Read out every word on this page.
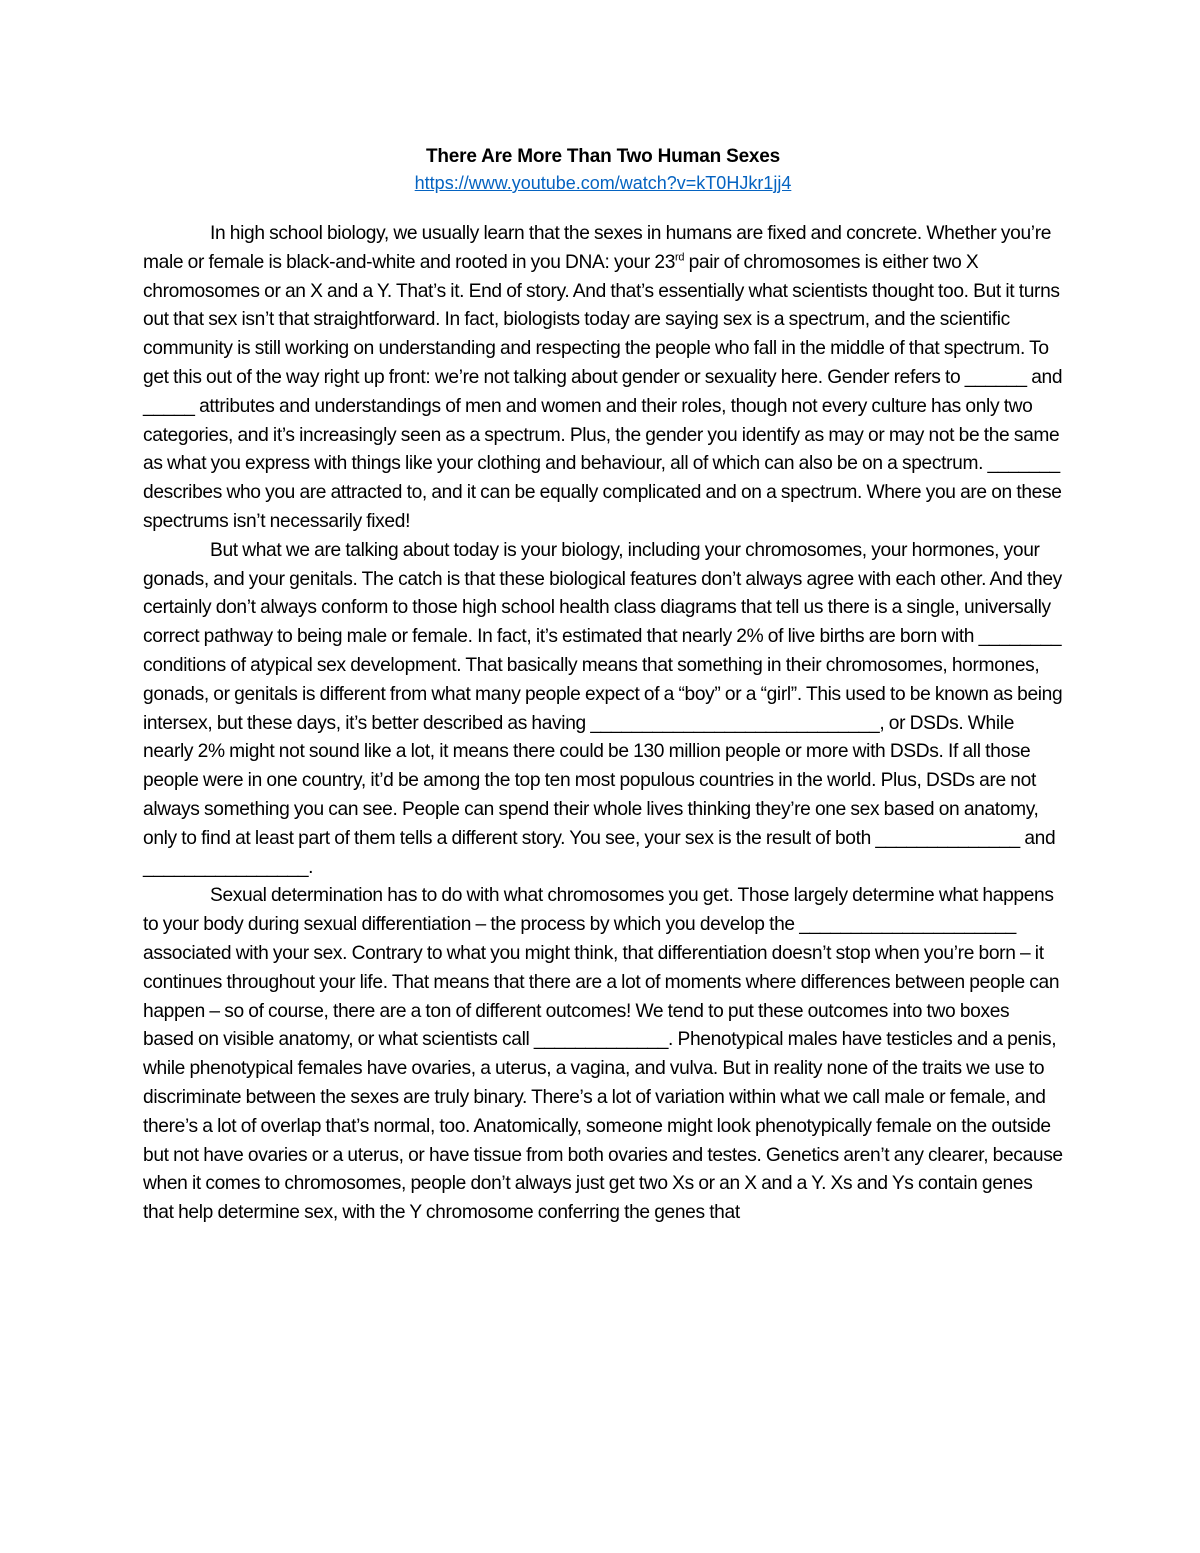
There Are More Than Two Human Sexes
https://www.youtube.com/watch?v=kT0HJkr1jj4

In high school biology, we usually learn that the sexes in humans are fixed and concrete. Whether you’re male or female is black-and-white and rooted in you DNA: your 23rd pair of chromosomes is either two X chromosomes or an X and a Y. That’s it. End of story. And that’s essentially what scientists thought too. But it turns out that sex isn’t that straightforward. In fact, biologists today are saying sex is a spectrum, and the scientific community is still working on understanding and respecting the people who fall in the middle of that spectrum. To get this out of the way right up front: we’re not talking about gender or sexuality here. Gender refers to ______ and _____ attributes and understandings of men and women and their roles, though not every culture has only two categories, and it’s increasingly seen as a spectrum. Plus, the gender you identify as may or may not be the same as what you express with things like your clothing and behaviour, all of which can also be on a spectrum. _______ describes who you are attracted to, and it can be equally complicated and on a spectrum. Where you are on these spectrums isn’t necessarily fixed!

But what we are talking about today is your biology, including your chromosomes, your hormones, your gonads, and your genitals. The catch is that these biological features don’t always agree with each other. And they certainly don’t always conform to those high school health class diagrams that tell us there is a single, universally correct pathway to being male or female. In fact, it’s estimated that nearly 2% of live births are born with ________ conditions of atypical sex development. That basically means that something in their chromosomes, hormones, gonads, or genitals is different from what many people expect of a “boy” or a “girl”. This used to be known as being intersex, but these days, it’s better described as having ____________________________, or DSDs. While nearly 2% might not sound like a lot, it means there could be 130 million people or more with DSDs. If all those people were in one country, it’d be among the top ten most populous countries in the world. Plus, DSDs are not always something you can see. People can spend their whole lives thinking they’re one sex based on anatomy, only to find at least part of them tells a different story. You see, your sex is the result of both ______________ and ________________.

Sexual determination has to do with what chromosomes you get. Those largely determine what happens to your body during sexual differentiation – the process by which you develop the _____________________ associated with your sex. Contrary to what you might think, that differentiation doesn’t stop when you’re born – it continues throughout your life. That means that there are a lot of moments where differences between people can happen – so of course, there are a ton of different outcomes! We tend to put these outcomes into two boxes based on visible anatomy, or what scientists call _____________. Phenotypical males have testicles and a penis, while phenotypical females have ovaries, a uterus, a vagina, and vulva. But in reality none of the traits we use to discriminate between the sexes are truly binary. There’s a lot of variation within what we call male or female, and there’s a lot of overlap that’s normal, too. Anatomically, someone might look phenotypically female on the outside but not have ovaries or a uterus, or have tissue from both ovaries and testes. Genetics aren’t any clearer, because when it comes to chromosomes, people don’t always just get two Xs or an X and a Y. Xs and Ys contain genes that help determine sex, with the Y chromosome conferring the genes that
